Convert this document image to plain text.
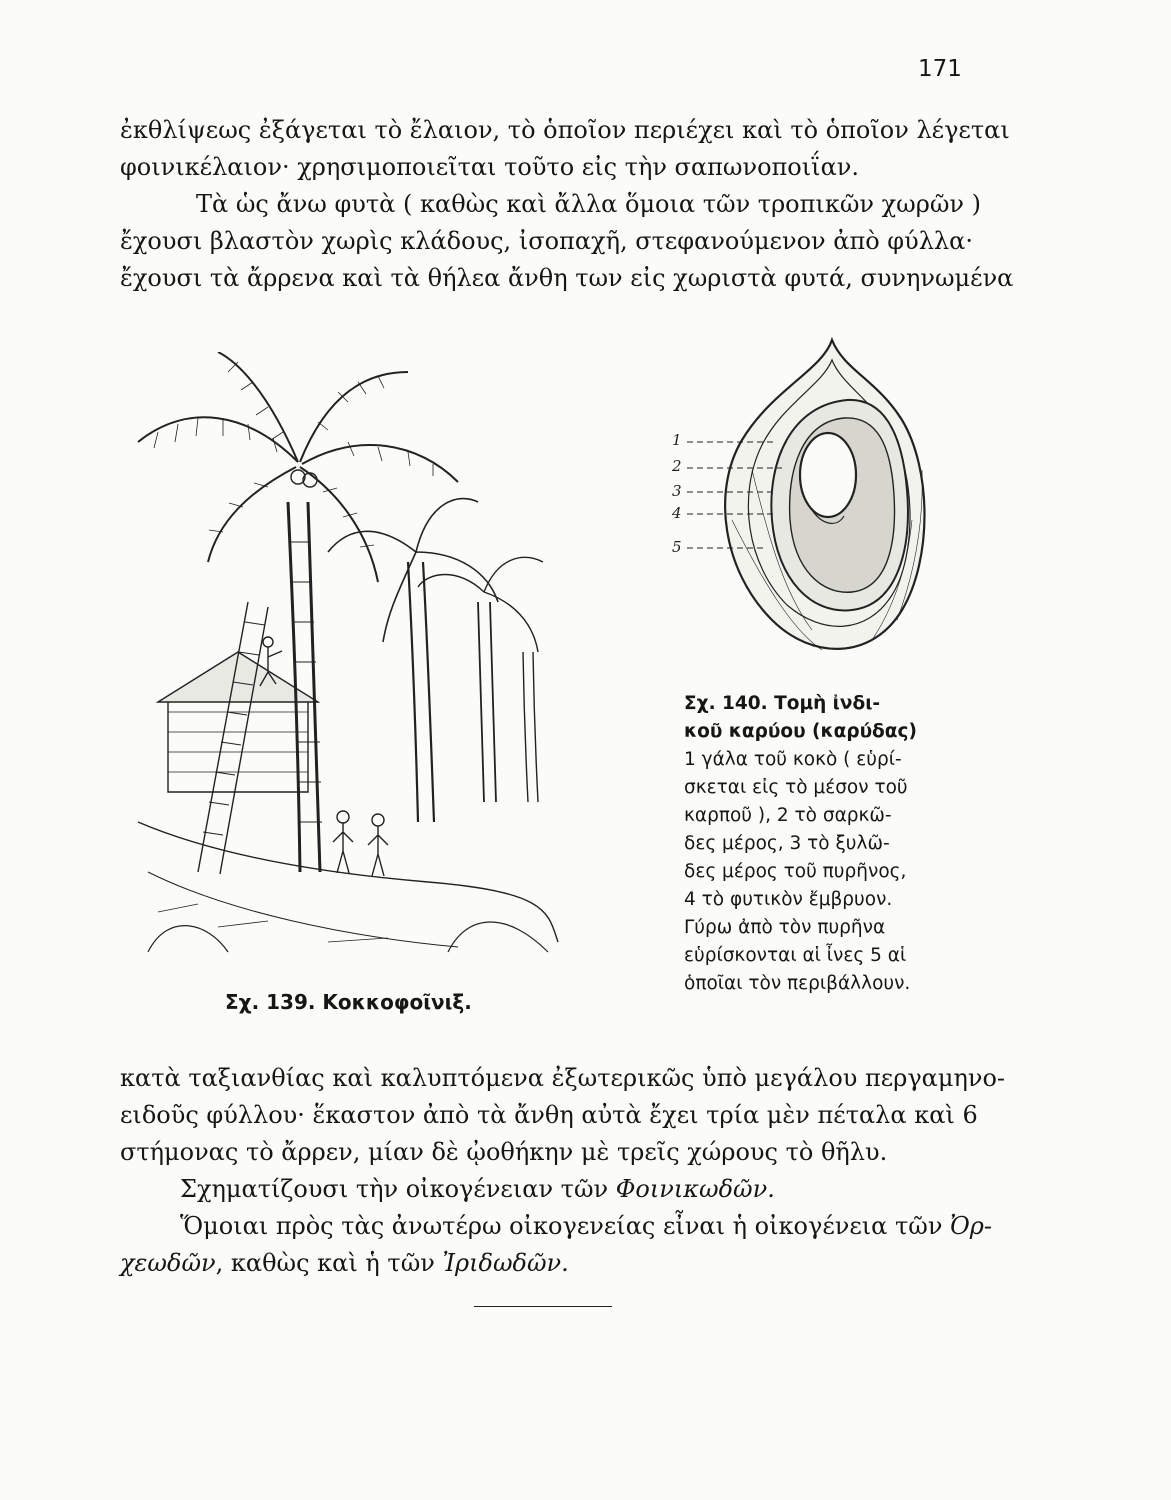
171
ἐκθλίψεως ἐξάγεται τὸ ἔλαιον, τὸ ὁποῖον περιέχει καὶ τὸ ὁποῖον λέγεται
φοινικέλαιον· χρησιμοποιεῖται τοῦτο εἰς τὴν σαπωνοποιΐαν.
Τὰ ὡς ἄνω φυτὰ ( καθὼς καὶ ἄλλα ὅμοια τῶν τροπικῶν χωρῶν )
ἔχουσι βλαστὸν χωρὶς κλάδους, ἰσοπαχῆ, στεφανούμενον ἀπὸ φύλλα·
ἔχουσι τὰ ἄρρενα καὶ τὰ θήλεα ἄνθη των εἰς χωριστὰ φυτά, συνηνωμένα
1
2
3
4
5
Σχ. 139. Κοκκοφοῖνιξ.
Σχ. 140. Τομὴ ἰνδι-
κοῦ καρύου (καρύδας)
1 γάλα τοῦ κοκὸ ( εὑρί-
σκεται εἰς τὸ μέσον τοῦ
καρποῦ ), 2 τὸ σαρκῶ-
δες μέρος, 3 τὸ ξυλῶ-
δες μέρος τοῦ πυρῆνος,
4 τὸ φυτικὸν ἔμβρυον.
Γύρω ἀπὸ τὸν πυρῆνα
εὑρίσκονται αἱ ἶνες 5 αἱ
ὁποῖαι τὸν περιβάλλουν.
κατὰ ταξιανθίας καὶ καλυπτόμενα ἐξωτερικῶς ὑπὸ μεγάλου περγαμηνο-
ειδοῦς φύλλου· ἕκαστον ἀπὸ τὰ ἄνθη αὐτὰ ἔχει τρία μὲν πέταλα καὶ 6
στήμονας τὸ ἄρρεν, μίαν δὲ ᾠοθήκην μὲ τρεῖς χώρους τὸ θῆλυ.
Σχηματίζουσι τὴν οἰκογένειαν τῶν Φοινικωδῶν.
Ὅμοιαι πρὸς τὰς ἀνωτέρω οἰκογενείας εἶναι ἡ οἰκογένεια τῶν Ὀρ-
χεωδῶν, καθὼς καὶ ἡ τῶν Ἰριδωδῶν.
